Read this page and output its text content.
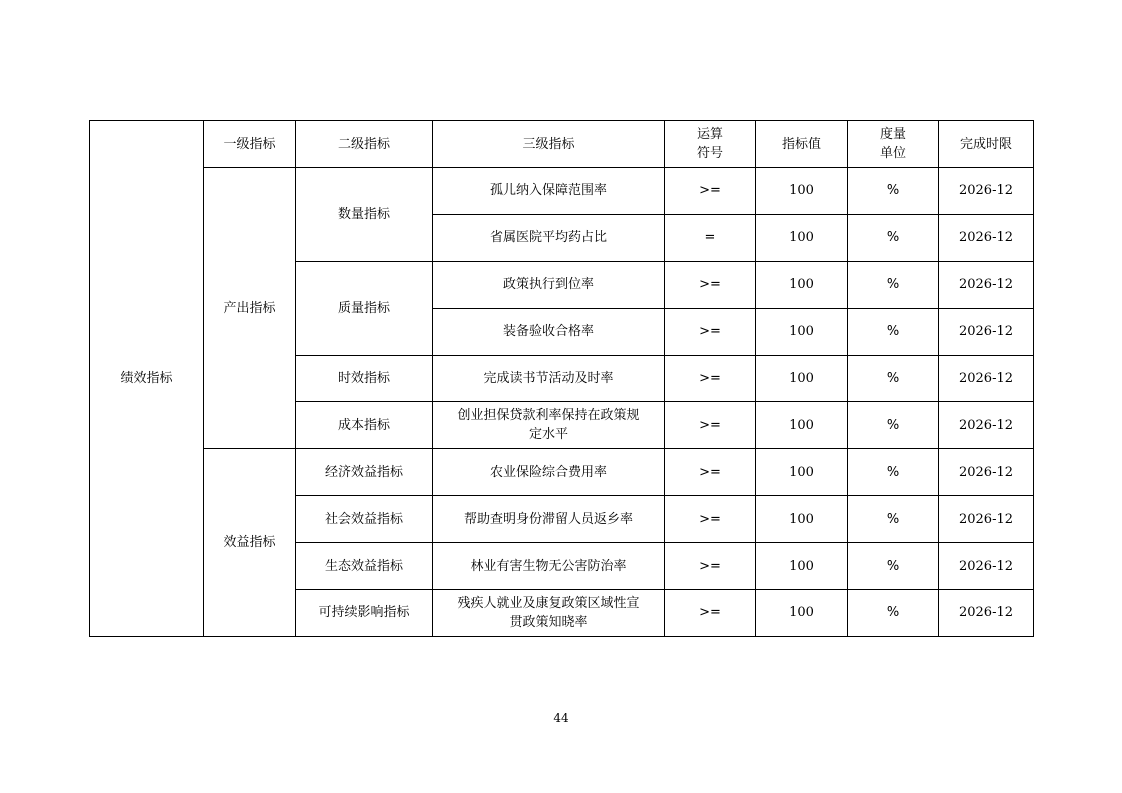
绩效指标	一级指标	二级指标	三级指标	运算符号	指标值	度量单位	完成时限
	产出指标	数量指标	孤儿纳入保障范围率	>=	100	%	2026-12
			省属医院平均药占比	=	100	%	2026-12
		质量指标	政策执行到位率	>=	100	%	2026-12
			装备验收合格率	>=	100	%	2026-12
		时效指标	完成读书节活动及时率	>=	100	%	2026-12
		成本指标	创业担保贷款利率保持在政策规定水平	>=	100	%	2026-12
	效益指标	经济效益指标	农业保险综合费用率	>=	100	%	2026-12
		社会效益指标	帮助查明身份滞留人员返乡率	>=	100	%	2026-12
		生态效益指标	林业有害生物无公害防治率	>=	100	%	2026-12
		可持续影响指标	残疾人就业及康复政策区域性宣贯政策知晓率	>=	100	%	2026-12
44
